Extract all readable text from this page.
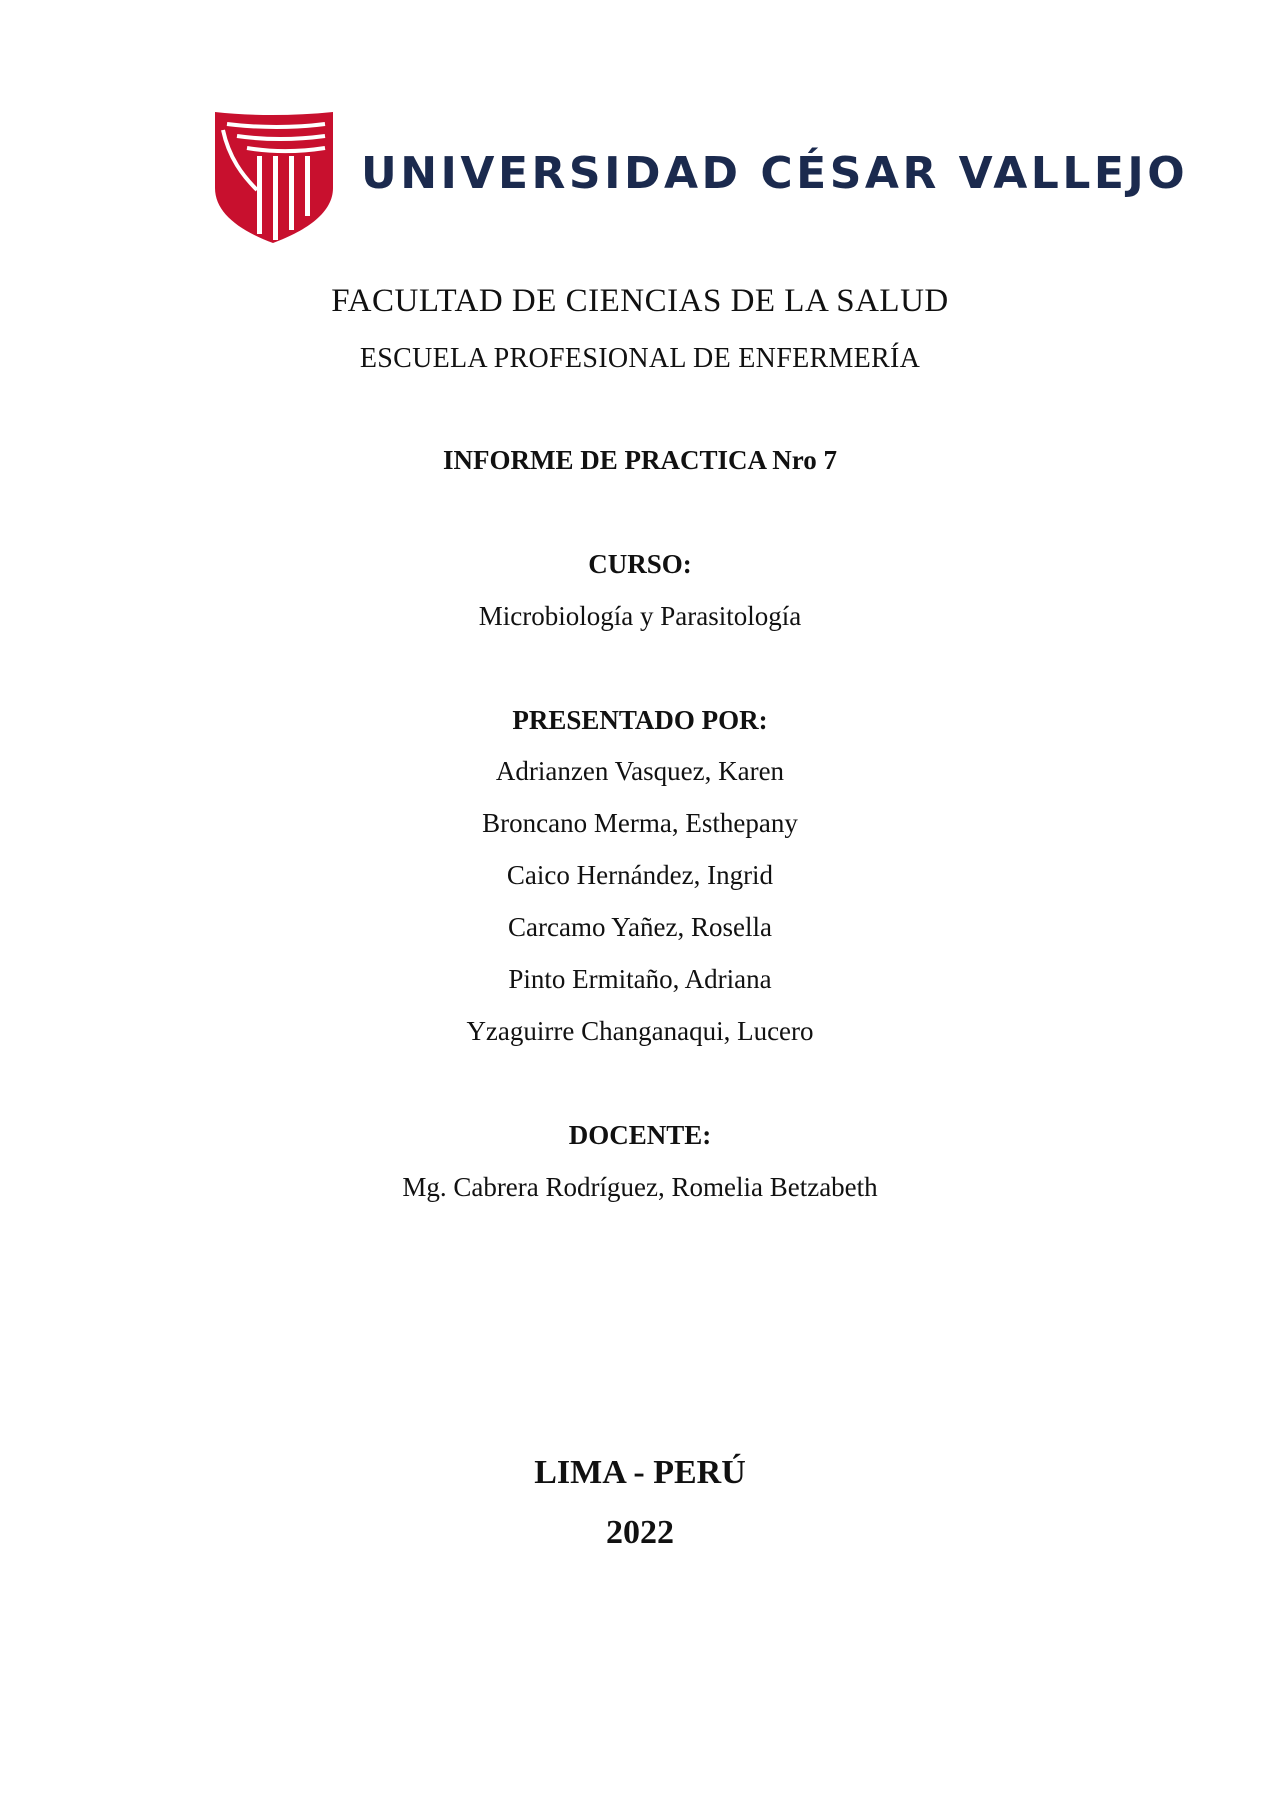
UNIVERSIDAD CÉSAR VALLEJO
FACULTAD DE CIENCIAS DE LA SALUD
ESCUELA PROFESIONAL DE ENFERMERÍA
INFORME DE PRACTICA Nro 7
CURSO:
Microbiología y Parasitología
PRESENTADO POR:
Adrianzen Vasquez, Karen
Broncano Merma, Esthepany
Caico Hernández, Ingrid
Carcamo Yañez, Rosella
Pinto Ermitaño, Adriana
Yzaguirre Changanaqui, Lucero
DOCENTE:
Mg. Cabrera Rodríguez, Romelia Betzabeth
LIMA - PERÚ
2022
